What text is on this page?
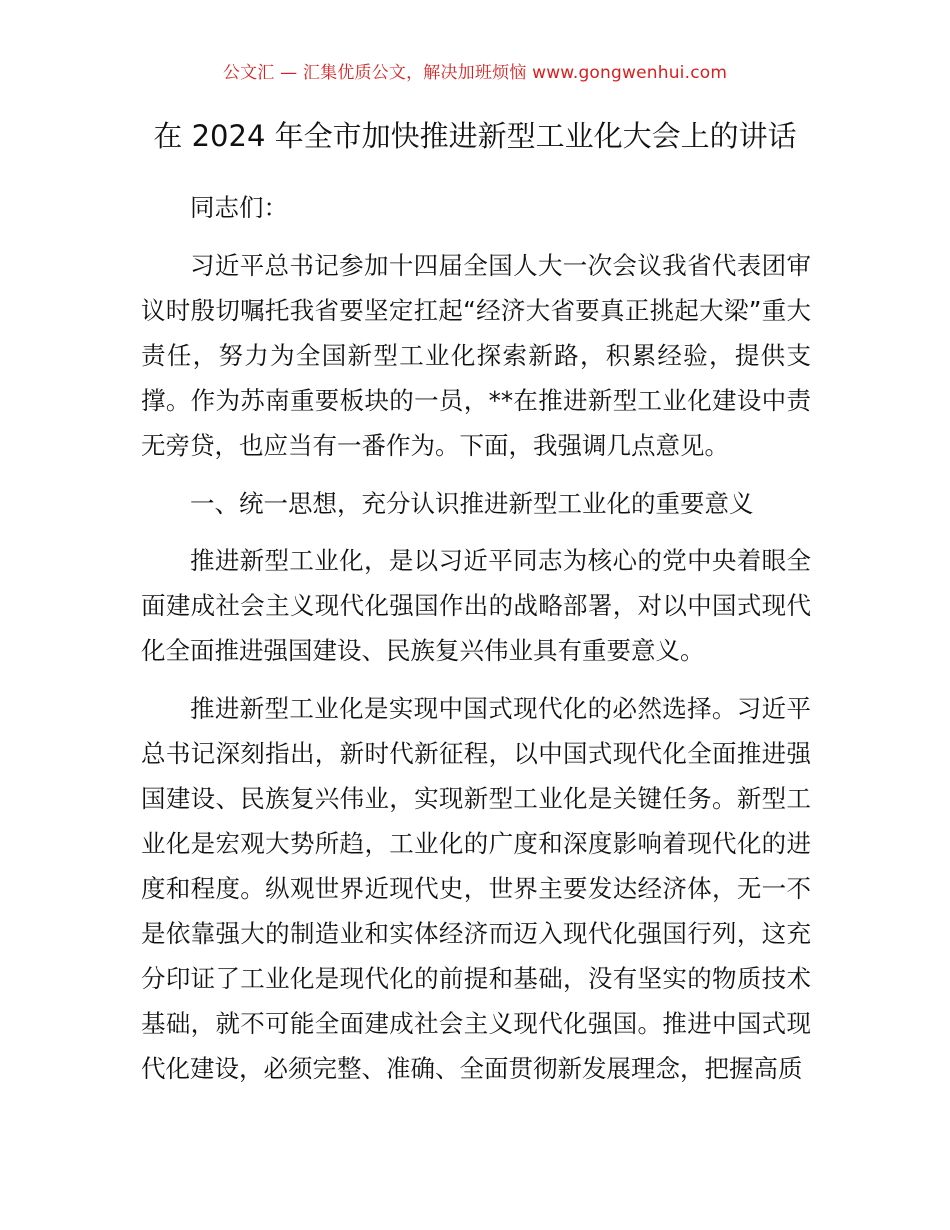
公文汇 — 汇集优质公文，解决加班烦恼 www.gongwenhui.com
在 2024 年全市加快推进新型工业化大会上的讲话

同志们：

习近平总书记参加十四届全国人大一次会议我省代表团审议时殷切嘱托我省要坚定扛起“经济大省要真正挑起大梁”重大责任，努力为全国新型工业化探索新路，积累经验，提供支撑。作为苏南重要板块的一员，**在推进新型工业化建设中责无旁贷，也应当有一番作为。下面，我强调几点意见。

一、统一思想，充分认识推进新型工业化的重要意义

推进新型工业化，是以习近平同志为核心的党中央着眼全面建成社会主义现代化强国作出的战略部署，对以中国式现代化全面推进强国建设、民族复兴伟业具有重要意义。

推进新型工业化是实现中国式现代化的必然选择。习近平总书记深刻指出，新时代新征程，以中国式现代化全面推进强国建设、民族复兴伟业，实现新型工业化是关键任务。新型工业化是宏观大势所趋，工业化的广度和深度影响着现代化的进度和程度。纵观世界近现代史，世界主要发达经济体，无一不是依靠强大的制造业和实体经济而迈入现代化强国行列，这充分印证了工业化是现代化的前提和基础，没有坚实的物质技术基础，就不可能全面建成社会主义现代化强国。推进中国式现代化建设，必须完整、准确、全面贯彻新发展理念，把握高质
